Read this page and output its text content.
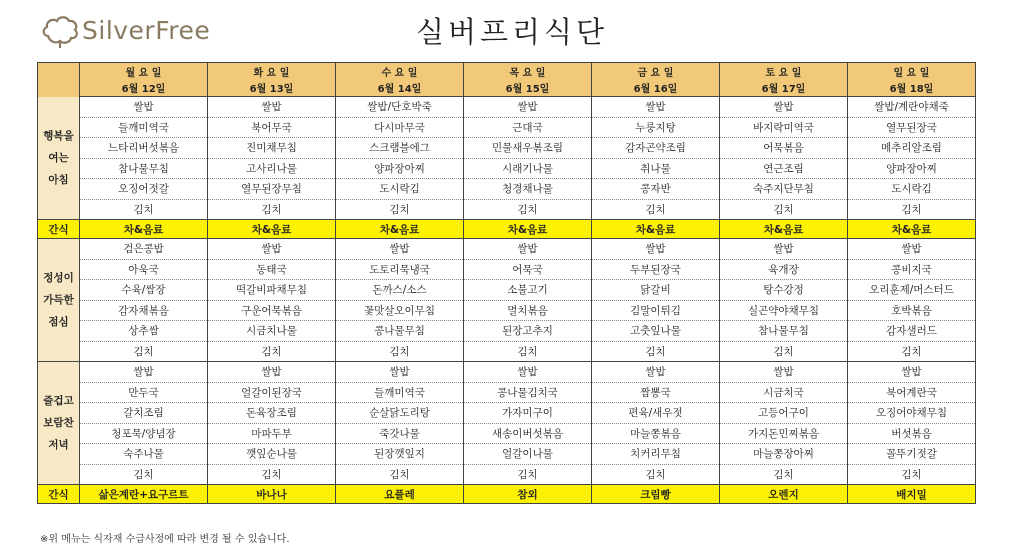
SilverFree	실버프리식단
	월 요 일	화 요 일	수 요 일	목 요 일	금 요 일	토 요 일	일 요 일
	6월 12일	6월 13일	6월 14일	6월 15일	6월 16일	6월 17일	6월 18일

행복을
여는
아침	쌀밥	쌀밥	쌀밥/단호박죽	쌀밥	쌀밥	쌀밥	쌀밥/계란야채죽
	들깨미역국	북어무국	다시마무국	근대국	누룽지탕	바지락미역국	열무된장국
	느타리버섯볶음	진미채무침	스크램블에그	민물새우볶조림	감자곤약조림	어묵볶음	메추리알조림
	참나물무침	고사리나물	양파장아찌	시래기나물	취나물	연근조림	양파장아찌
	오징어젓갈	열무된장무침	도시락김	청경채나물	콩자반	숙주지단무침	도시락김
	김치	김치	김치	김치	김치	김치	김치
간식	차&음료	차&음료	차&음료	차&음료	차&음료	차&음료	차&음료

정성이
가득한
점심	검은콩밥	쌀밥	쌀밥	쌀밥	쌀밥	쌀밥	쌀밥
	아욱국	동태국	도토리묵냉국	어묵국	두부된장국	육개장	콩비지국
	수육/쌈장	떡갈비파채무침	돈까스/소스	소불고기	닭갈비	탕수강정	오리훈제/머스터드
	감자채볶음	구운어묵볶음	꽃맛살오이무침	멸치볶음	김말이튀김	실곤약야채무침	호박볶음
	상추쌈	시금치나물	콩나물무침	된장고추지	고춧잎나물	참나물무침	감자샐러드
	김치	김치	김치	김치	김치	김치	김치

즐겁고
보람찬
저녁	쌀밥	쌀밥	쌀밥	쌀밥	쌀밥	쌀밥	쌀밥
	만두국	얼갈이된장국	들깨미역국	콩나물김치국	짬뽕국	시금치국	북어계란국
	갈치조림	돈육장조림	순살닭도리탕	가자미구이	편육/새우젓	고등어구이	오징어야채무침
	청포묵/양념장	마파두부	죽갓나물	새송이버섯볶음	마늘쫑볶음	가지돈민찌볶음	버섯볶음
	숙주나물	깻잎순나물	된장깻잎지	얼갈이나물	치커리무침	마늘쫑장아찌	꼴뚜기젓갈
	김치	김치	김치	김치	김치	김치	김치
간식	삶은계란+요구르트	바나나	요플레	참외	크림빵	오렌지	배지밀
※위 메뉴는 식자재 수급사정에 따라 변경 될 수 있습니다.
